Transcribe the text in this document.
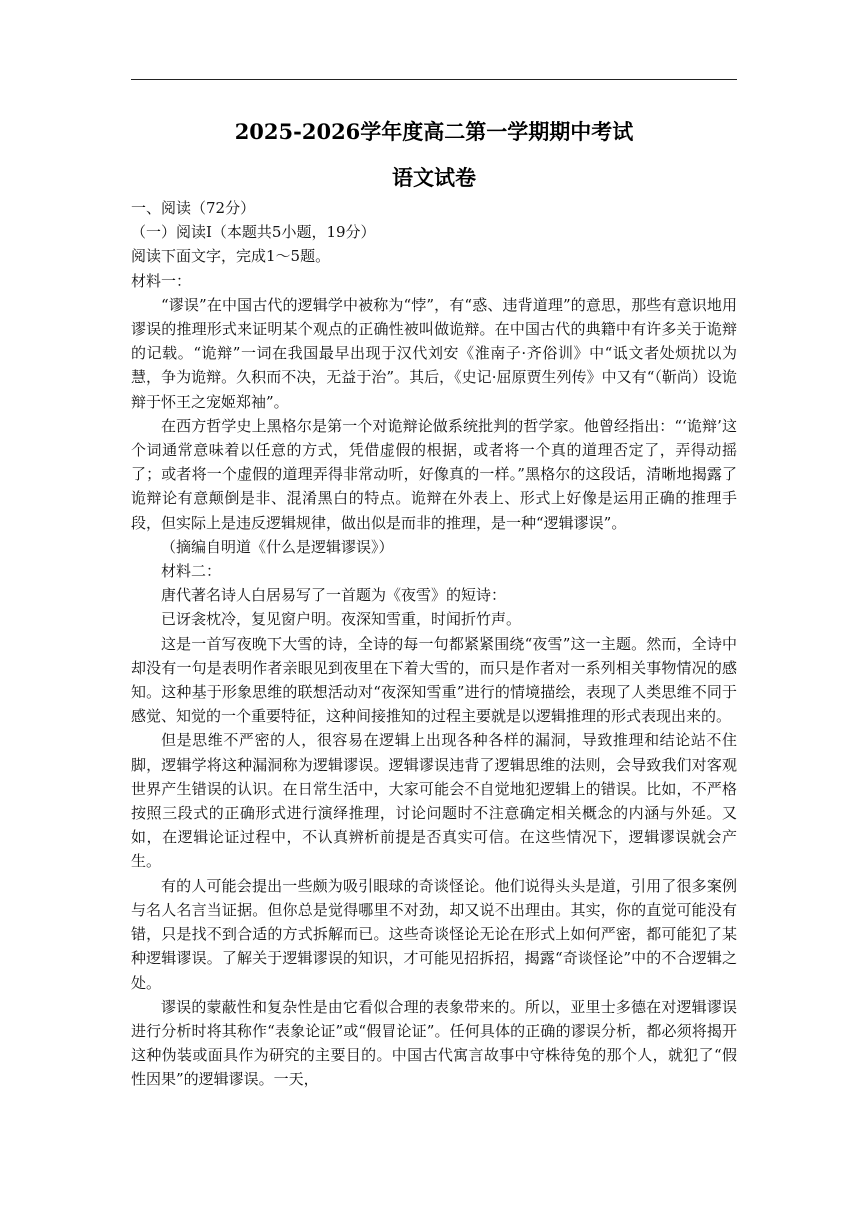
2025-2026学年度高二第一学期期中考试
语文试卷

一、阅读（72分）

（一）阅读Ⅰ（本题共5小题，19分）

阅读下面文字，完成1～5题。

材料一：

“谬误”在中国古代的逻辑学中被称为“悖”，有“惑、违背道理”的意思，那些有意识地用谬误的推理形式来证明某个观点的正确性被叫做诡辩。在中国古代的典籍中有许多关于诡辩的记载。“诡辩”一词在我国最早出现于汉代刘安《淮南子·齐俗训》中“诋文者处烦扰以为慧，争为诡辩。久积而不决，无益于治”。其后，《史记·屈原贾生列传》中又有“（靳尚）设诡辩于怀王之宠姬郑袖”。

在西方哲学史上黑格尔是第一个对诡辩论做系统批判的哲学家。他曾经指出：“‘诡辩’这个词通常意味着以任意的方式，凭借虚假的根据，或者将一个真的道理否定了，弄得动摇了；或者将一个虚假的道理弄得非常动听，好像真的一样。”黑格尔的这段话，清晰地揭露了诡辩论有意颠倒是非、混淆黑白的特点。诡辩在外表上、形式上好像是运用正确的推理手段，但实际上是违反逻辑规律，做出似是而非的推理，是一种“逻辑谬误”。

（摘编自明道《什么是逻辑谬误》）

材料二：

唐代著名诗人白居易写了一首题为《夜雪》的短诗：

已讶衾枕冷，复见窗户明。夜深知雪重，时闻折竹声。

这是一首写夜晚下大雪的诗，全诗的每一句都紧紧围绕“夜雪”这一主题。然而，全诗中却没有一句是表明作者亲眼见到夜里在下着大雪的，而只是作者对一系列相关事物情况的感知。这种基于形象思维的联想活动对“夜深知雪重”进行的情境描绘，表现了人类思维不同于感觉、知觉的一个重要特征，这种间接推知的过程主要就是以逻辑推理的形式表现出来的。

但是思维不严密的人，很容易在逻辑上出现各种各样的漏洞，导致推理和结论站不住脚，逻辑学将这种漏洞称为逻辑谬误。逻辑谬误违背了逻辑思维的法则，会导致我们对客观世界产生错误的认识。在日常生活中，大家可能会不自觉地犯逻辑上的错误。比如，不严格按照三段式的正确形式进行演绎推理，讨论问题时不注意确定相关概念的内涵与外延。又如，在逻辑论证过程中，不认真辨析前提是否真实可信。在这些情况下，逻辑谬误就会产生。

有的人可能会提出一些颇为吸引眼球的奇谈怪论。他们说得头头是道，引用了很多案例与名人名言当证据。但你总是觉得哪里不对劲，却又说不出理由。其实，你的直觉可能没有错，只是找不到合适的方式拆解而已。这些奇谈怪论无论在形式上如何严密，都可能犯了某种逻辑谬误。了解关于逻辑谬误的知识，才可能见招拆招，揭露“奇谈怪论”中的不合逻辑之处。

谬误的蒙蔽性和复杂性是由它看似合理的表象带来的。所以，亚里士多德在对逻辑谬误进行分析时将其称作“表象论证”或“假冒论证”。任何具体的正确的谬误分析，都必须将揭开这种伪装或面具作为研究的主要目的。中国古代寓言故事中守株待兔的那个人，就犯了“假性因果”的逻辑谬误。一天，
